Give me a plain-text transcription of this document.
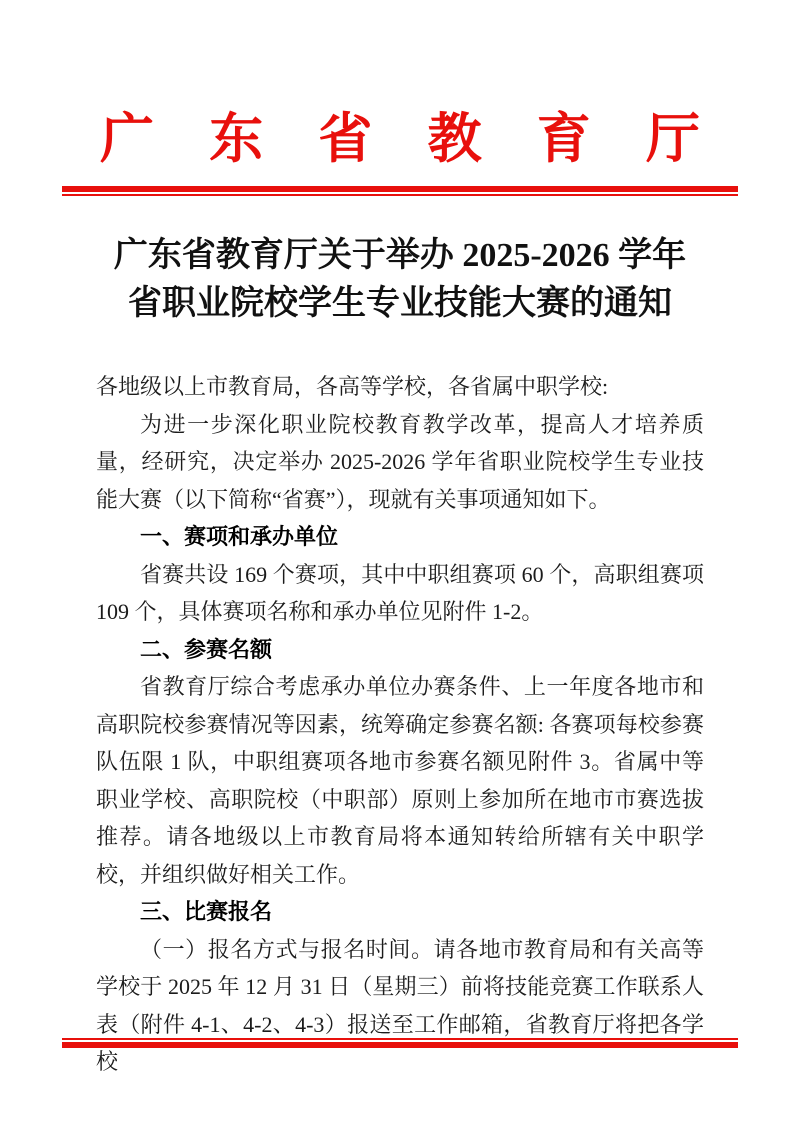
广 东 省 教 育 厅
广东省教育厅关于举办 2025-2026 学年
省职业院校学生专业技能大赛的通知

各地级以上市教育局，各高等学校，各省属中职学校:

为进一步深化职业院校教育教学改革，提高人才培养质量，经研究，决定举办 2025-2026 学年省职业院校学生专业技能大赛（以下简称“省赛”），现就有关事项通知如下。

一、赛项和承办单位

省赛共设 169 个赛项，其中中职组赛项 60 个，高职组赛项 109 个，具体赛项名称和承办单位见附件 1-2。

二、参赛名额

省教育厅综合考虑承办单位办赛条件、上一年度各地市和高职院校参赛情况等因素，统筹确定参赛名额: 各赛项每校参赛队伍限 1 队，中职组赛项各地市参赛名额见附件 3。省属中等职业学校、高职院校（中职部）原则上参加所在地市市赛选拔推荐。请各地级以上市教育局将本通知转给所辖有关中职学校，并组织做好相关工作。

三、比赛报名

（一）报名方式与报名时间。请各地市教育局和有关高等学校于 2025 年 12 月 31 日（星期三）前将技能竞赛工作联系人表（附件 4-1、4-2、4-3）报送至工作邮箱，省教育厅将把各学校
